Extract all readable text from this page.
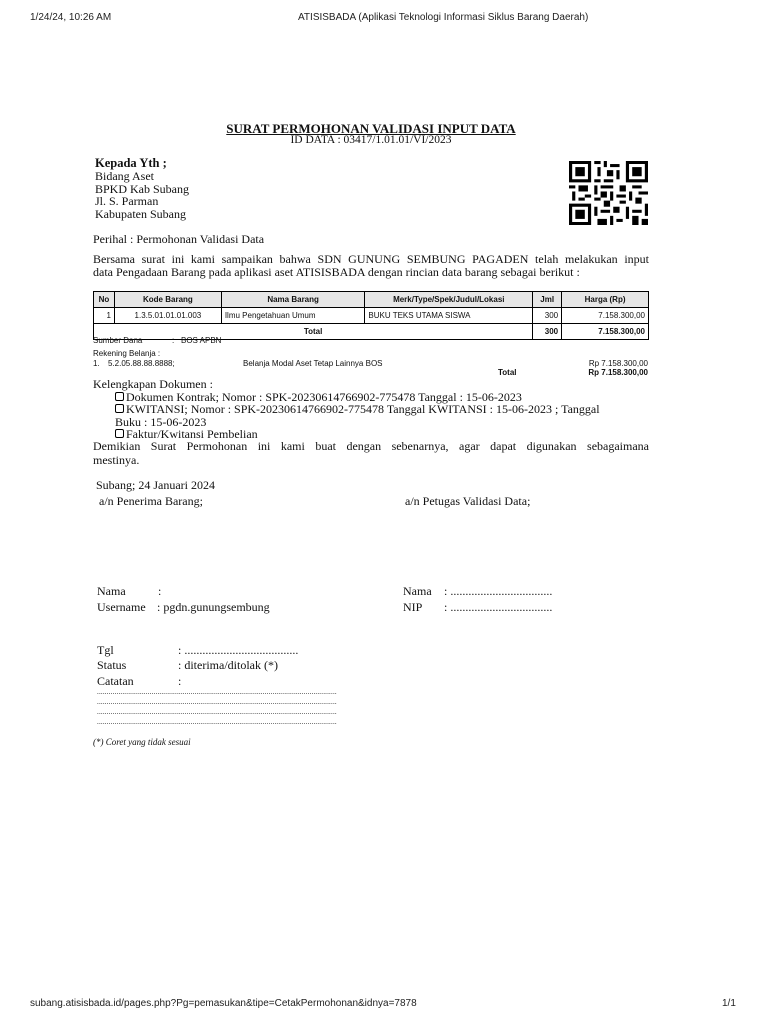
1/24/24, 10:26 AM	ATISISBADA (Aplikasi Teknologi Informasi Siklus Barang Daerah)
subang.atisisbada.id/pages.php?Pg=pemasukan&tipe=CetakPermohonan&idnya=7878	1/1
SURAT PERMOHONAN VALIDASI INPUT DATA
ID DATA : 03417/1.01.01/VI/2023
Kepada Yth ;
Bidang Aset
BPKD Kab Subang
Jl. S. Parman
Kabupaten Subang
Perihal : Permohonan Validasi Data
Bersama surat ini kami sampaikan bahwa SDN GUNUNG SEMBUNG PAGADEN telah melakukan input
data Pengadaan Barang pada aplikasi aset ATISISBADA dengan rincian data barang sebagai berikut :
No	Kode Barang	Nama Barang	Merk/Type/Spek/Judul/Lokasi	Jml	Harga (Rp)
1	1.3.5.01.01.01.003	Ilmu Pengetahuan Umum	BUKU TEKS UTAMA SISWA	300	7.158.300,00
Total				300	7.158.300,00
Sumber Dana	: BOS APBN
Rekening Belanja :
1. 5.2.05.88.88.8888;	Belanja Modal Aset Tetap Lainnya BOS	Rp 7.158.300,00
Total	Rp 7.158.300,00
Kelengkapan Dokumen :
Dokumen Kontrak; Nomor : SPK-20230614766902-775478 Tanggal : 15-06-2023
KWITANSI; Nomor : SPK-20230614766902-775478 Tanggal KWITANSI : 15-06-2023 ; Tanggal
Buku : 15-06-2023
Faktur/Kwitansi Pembelian
Demikian Surat Permohonan ini kami buat dengan sebenarnya, agar dapat digunakan sebagaimana
mestinya.
Subang; 24 Januari 2024
a/n Penerima Barang;	a/n Petugas Validasi Data;
Nama	:
Username : pgdn.gunungsembung
Nama : ..................................
NIP : ..................................
Tgl	: ......................................
Status	: diterima/ditolak (*)
Catatan	:
...........................................................................................................................
...........................................................................................................................
...........................................................................................................................
...........................................................................................................................
(*) Coret yang tidak sesuai
